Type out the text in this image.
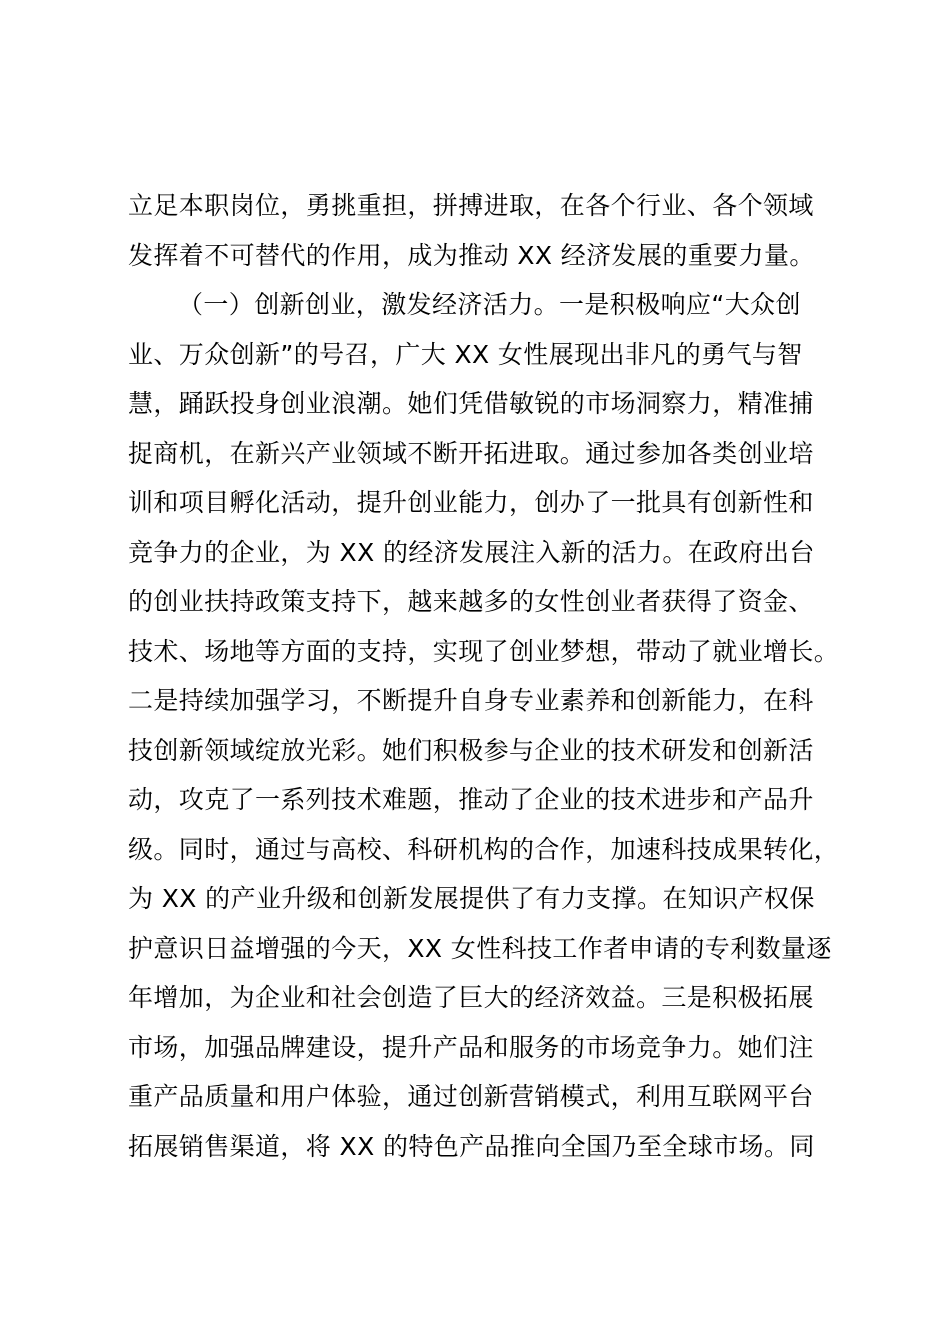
立足本职岗位，勇挑重担，拼搏进取，在各个行业、各个领域
发挥着不可替代的作用，成为推动 XX 经济发展的重要力量。
（一）创新创业，激发经济活力。一是积极响应“大众创
业、万众创新”的号召，广大 XX 女性展现出非凡的勇气与智
慧，踊跃投身创业浪潮。她们凭借敏锐的市场洞察力，精准捕
捉商机，在新兴产业领域不断开拓进取。通过参加各类创业培
训和项目孵化活动，提升创业能力，创办了一批具有创新性和
竞争力的企业，为 XX 的经济发展注入新的活力。在政府出台
的创业扶持政策支持下，越来越多的女性创业者获得了资金、
技术、场地等方面的支持，实现了创业梦想，带动了就业增长。
二是持续加强学习，不断提升自身专业素养和创新能力，在科
技创新领域绽放光彩。她们积极参与企业的技术研发和创新活
动，攻克了一系列技术难题，推动了企业的技术进步和产品升
级。同时，通过与高校、科研机构的合作，加速科技成果转化，
为 XX 的产业升级和创新发展提供了有力支撑。在知识产权保
护意识日益增强的今天，XX 女性科技工作者申请的专利数量逐
年增加，为企业和社会创造了巨大的经济效益。三是积极拓展
市场，加强品牌建设，提升产品和服务的市场竞争力。她们注
重产品质量和用户体验，通过创新营销模式，利用互联网平台
拓展销售渠道，将 XX 的特色产品推向全国乃至全球市场。同
